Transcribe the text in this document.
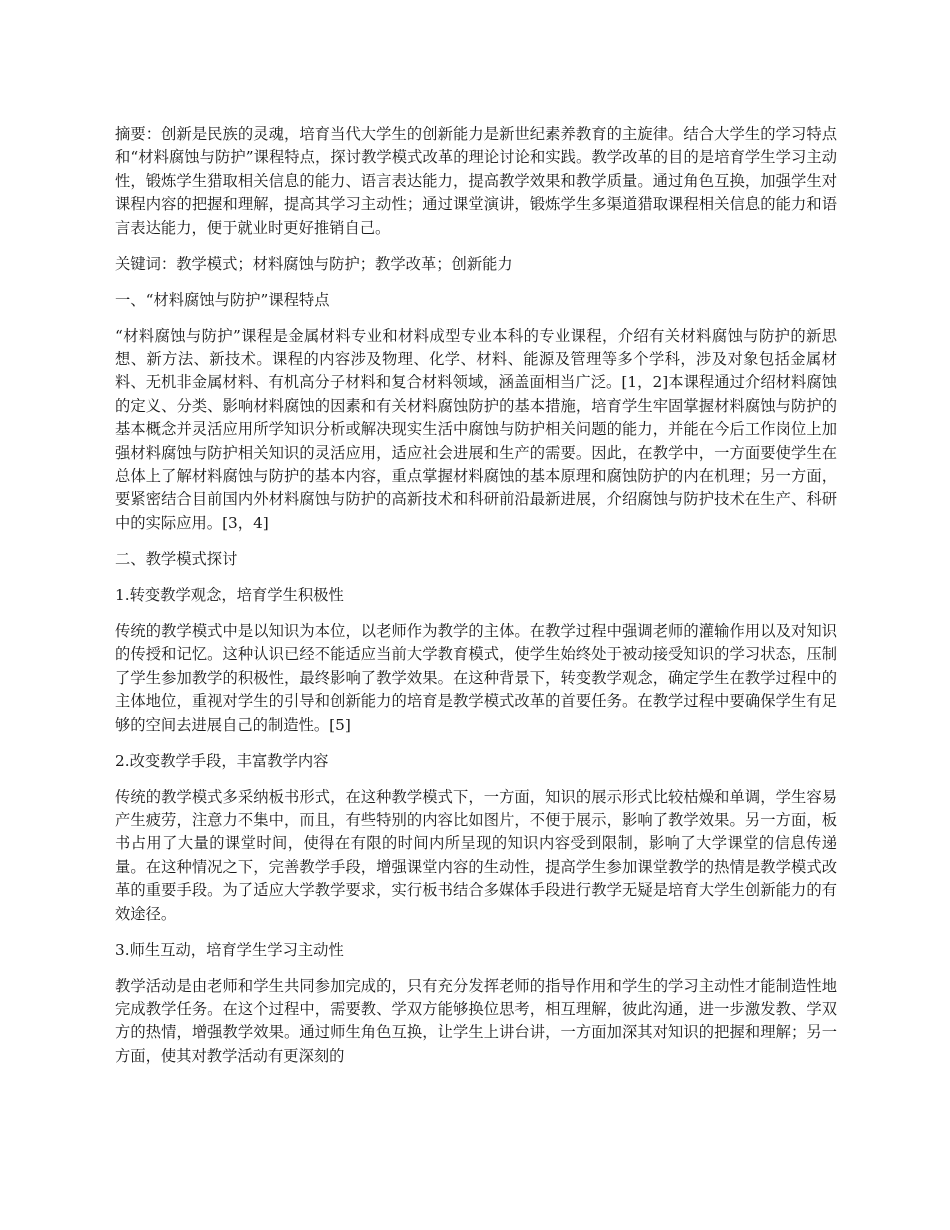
摘要：创新是民族的灵魂，培育当代大学生的创新能力是新世纪素养教育的主旋律。结合大学生的学习特点和“材料腐蚀与防护”课程特点，探讨教学模式改革的理论讨论和实践。教学改革的目的是培育学生学习主动性，锻炼学生猎取相关信息的能力、语言表达能力，提高教学效果和教学质量。通过角色互换，加强学生对课程内容的把握和理解，提高其学习主动性；通过课堂演讲，锻炼学生多渠道猎取课程相关信息的能力和语言表达能力，便于就业时更好推销自己。

关键词：教学模式；材料腐蚀与防护；教学改革；创新能力

一、“材料腐蚀与防护”课程特点

“材料腐蚀与防护”课程是金属材料专业和材料成型专业本科的专业课程，介绍有关材料腐蚀与防护的新思想、新方法、新技术。课程的内容涉及物理、化学、材料、能源及管理等多个学科，涉及对象包括金属材料、无机非金属材料、有机高分子材料和复合材料领域，涵盖面相当广泛。[1，2]本课程通过介绍材料腐蚀的定义、分类、影响材料腐蚀的因素和有关材料腐蚀防护的基本措施，培育学生牢固掌握材料腐蚀与防护的基本概念并灵活应用所学知识分析或解决现实生活中腐蚀与防护相关问题的能力，并能在今后工作岗位上加强材料腐蚀与防护相关知识的灵活应用，适应社会进展和生产的需要。因此，在教学中，一方面要使学生在总体上了解材料腐蚀与防护的基本内容，重点掌握材料腐蚀的基本原理和腐蚀防护的内在机理；另一方面，要紧密结合目前国内外材料腐蚀与防护的高新技术和科研前沿最新进展，介绍腐蚀与防护技术在生产、科研中的实际应用。[3，4]

二、教学模式探讨

1.转变教学观念，培育学生积极性

传统的教学模式中是以知识为本位，以老师作为教学的主体。在教学过程中强调老师的灌输作用以及对知识的传授和记忆。这种认识已经不能适应当前大学教育模式，使学生始终处于被动接受知识的学习状态，压制了学生参加教学的积极性，最终影响了教学效果。在这种背景下，转变教学观念，确定学生在教学过程中的主体地位，重视对学生的引导和创新能力的培育是教学模式改革的首要任务。在教学过程中要确保学生有足够的空间去进展自己的制造性。[5]

2.改变教学手段，丰富教学内容

传统的教学模式多采纳板书形式，在这种教学模式下，一方面，知识的展示形式比较枯燥和单调，学生容易产生疲劳，注意力不集中，而且，有些特别的内容比如图片，不便于展示，影响了教学效果。另一方面，板书占用了大量的课堂时间，使得在有限的时间内所呈现的知识内容受到限制，影响了大学课堂的信息传递量。在这种情况之下，完善教学手段，增强课堂内容的生动性，提高学生参加课堂教学的热情是教学模式改革的重要手段。为了适应大学教学要求，实行板书结合多媒体手段进行教学无疑是培育大学生创新能力的有效途径。

3.师生互动，培育学生学习主动性

教学活动是由老师和学生共同参加完成的，只有充分发挥老师的指导作用和学生的学习主动性才能制造性地完成教学任务。在这个过程中，需要教、学双方能够换位思考，相互理解，彼此沟通，进一步激发教、学双方的热情，增强教学效果。通过师生角色互换，让学生上讲台讲，一方面加深其对知识的把握和理解；另一方面，使其对教学活动有更深刻的
